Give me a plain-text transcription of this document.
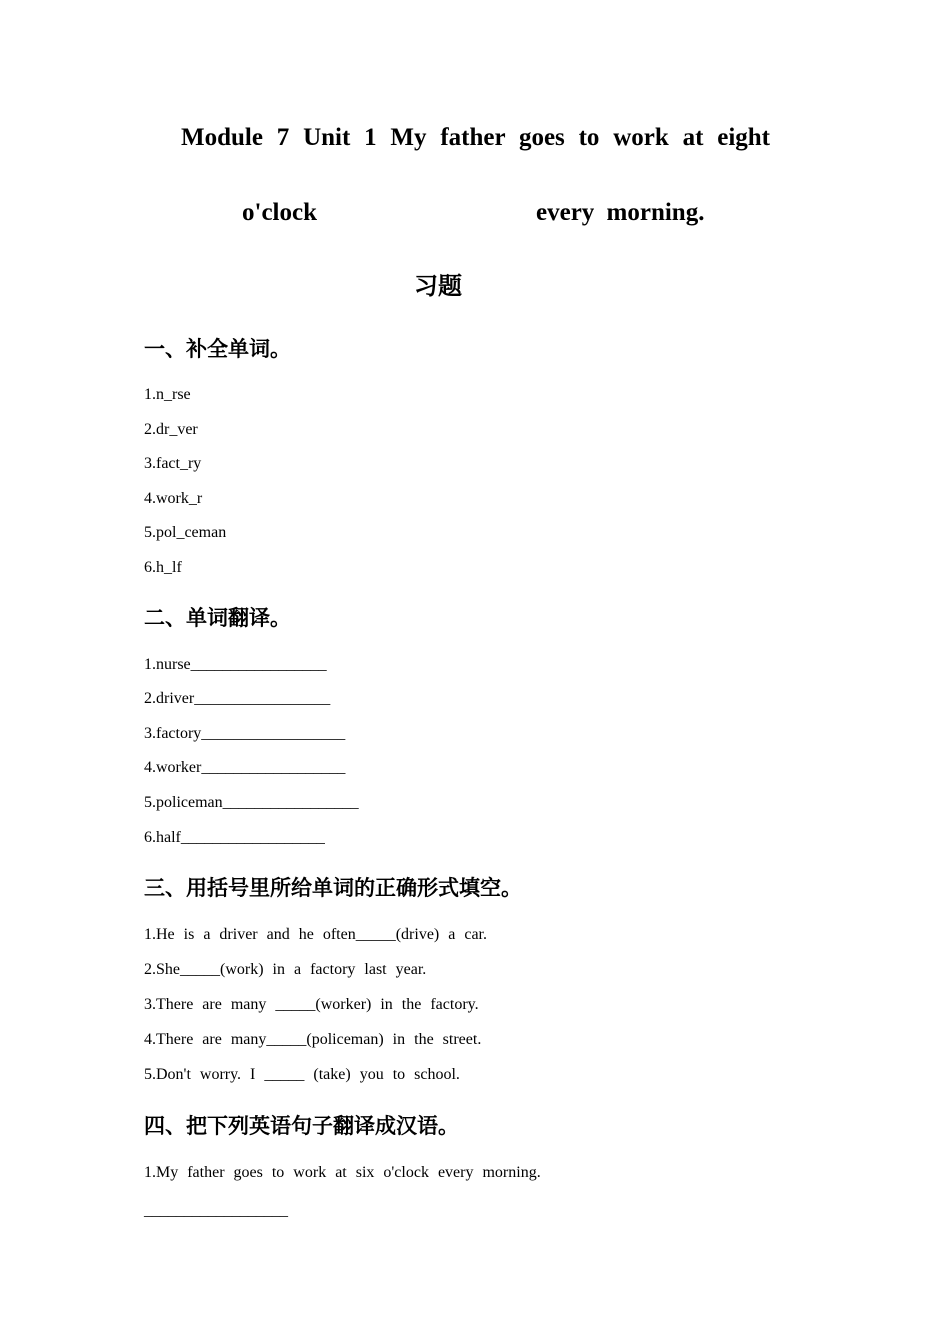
Module 7 Unit 1 My father goes to work at eight
o'clock	every morning.
习题
一、补全单词。
1.n_rse
2.dr_ver
3.fact_ry
4.work_r
5.pol_ceman
6.h_lf
二、单词翻译。
1.nurse_________________
2.driver_________________
3.factory__________________
4.worker__________________
5.policeman_________________
6.half__________________
三、用括号里所给单词的正确形式填空。
1.He is a driver and he often_____(drive) a car.
2.She_____(work) in a factory last year.
3.There are many _____(worker) in the factory.
4.There are many_____(policeman) in the street.
5.Don't worry. I _____ (take) you to school.
四、把下列英语句子翻译成汉语。
1.My father goes to work at six o'clock every morning.
__________________
